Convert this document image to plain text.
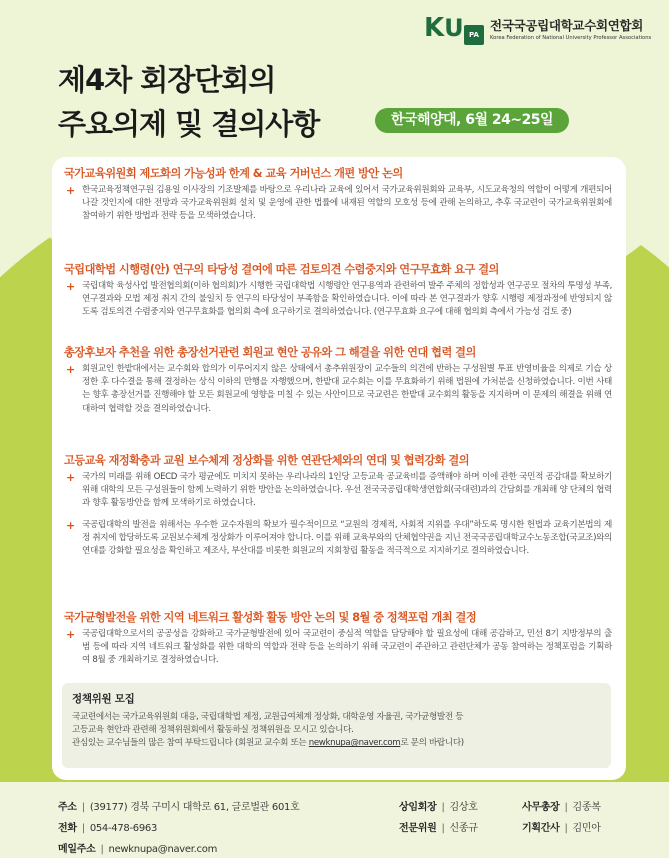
KU PA
전국국공립대학교수회연합회
Korea Federation of National University Professor Associations
제4차 회장단회의
주요의제 및 결의사항	한국해양대, 6월 24~25일
국가교육위원회 제도화의 가능성과 한계 & 교육 거버넌스 개편 방안 논의
+ 한국교육정책연구원 김용일 이사장의 기조발제를 바탕으로 우리나라 교육에 있어서 국가교육위원회와 교육부, 시도교육청의 역할이 어떻게 개편되어 나갈 것인지에 대한 전망과 국가교육위원회 설치 및 운영에 관한 법률에 내재된 역할의 모호성 등에 관해 논의하고, 추후 국교련이 국가교육위원회에 참여하기 위한 방법과 전략 등을 모색하였습니다.
국립대학법 시행령(안) 연구의 타당성 결여에 따른 검토의견 수렴중지와 연구무효화 요구 결의
+ 국립대학 육성사업 발전협의회(이하 협의회)가 시행한 국립대학법 시행령안 연구용역과 관련하여 발주 주체의 정합성과 연구공모 절차의 투명성 부족, 연구결과와 모법 제정 취지 간의 불일치 등 연구의 타당성이 부족함을 확인하였습니다. 이에 따라 본 연구결과가 향후 시행령 제정과정에 반영되지 않도록 검토의견 수렴중지와 연구무효화를 협의회 측에 요구하기로 결의하였습니다. (연구무효화 요구에 대해 협의회 측에서 가능성 검토 중)
총장후보자 추천을 위한 총장선거관련 회원교 현안 공유와 그 해결을 위한 연대 협력 결의
+ 회원교인 한밭대에서는 교수회와 합의가 이루어지지 않은 상태에서 총추위원장이 교수들의 의견에 반하는 구성원별 투표 반영비율을 의제로 기습 상정한 후 다수결을 통해 결정하는 상식 이하의 만행을 자행했으며, 한밭대 교수회는 이를 무효화하기 위해 법원에 가처분을 신청하였습니다. 이번 사태는 향후 총장선거를 진행해야 할 모든 회원교에 영향을 미칠 수 있는 사안이므로 국교련은 한밭대 교수회의 활동을 지지하며 이 문제의 해결을 위해 연대하여 협력할 것을 결의하였습니다.
고등교육 재정확충과 교원 보수체계 정상화를 위한 연관단체와의 연대 및 협력강화 결의
+ 국가의 미래를 위해 OECD 국가 평균에도 미치지 못하는 우리나라의 1인당 고등교육 공교육비를 증액해야 하며 이에 관한 국민적 공감대를 확보하기 위해 대학의 모든 구성원들이 함께 노력하기 위한 방안을 논의하였습니다. 우선 전국국공립대학생연합회(국대련)과의 간담회를 개최해 양 단체의 협력과 향후 활동방안을 함께 모색하기로 하였습니다.
+ 국공립대학의 발전을 위해서는 우수한 교수자원의 확보가 필수적이므로 “교원의 경제적, 사회적 지위를 우대”하도록 명시한 헌법과 교육기본법의 제정 취지에 합당하도록 교원보수체계 정상화가 이루어져야 합니다. 이를 위해 교육부와의 단체협약권을 지닌 전국국공립대학교수노동조합(국교조)와의 연대를 강화할 필요성을 확인하고 제조사, 부산대를 비롯한 회원교의 지회창립 활동을 적극적으로 지지하기로 결의하였습니다.
국가균형발전을 위한 지역 네트워크 활성화 활동 방안 논의 및 8월 중 정책포럼 개최 결정
+ 국공립대학으로서의 공공성을 강화하고 국가균형발전에 있어 국교련이 중심적 역할을 담당해야 할 필요성에 대해 공감하고, 민선 8기 지방정부의 출범 등에 따라 지역 네트워크 활성화를 위한 대학의 역할과 전략 등을 논의하기 위해 국교련이 주관하고 관련단체가 공동 참여하는 정책포럼을 기획하여 8월 중 개최하기로 결정하였습니다.
정책위원 모집
국교련에서는 국가교육위원회 대응, 국립대학법 제정, 교원급여체계 정상화, 대학운영 자율권, 국가균형발전 등
고등교육 현안과 관련해 정책위원회에서 활동하실 정책위원을 모시고 있습니다.
관심있는 교수님들의 많은 참여 부탁드립니다 (회원교 교수회 또는 newknupa@naver.com로 문의 바랍니다)
주소 | (39177) 경북 구미시 대학로 61, 글로벌관 601호
전화 | 054-478-6963
메일주소 | newknupa@naver.com
상임회장 | 김상호
전문위원 | 신종규
사무총장 | 김종복
기획간사 | 김민아
